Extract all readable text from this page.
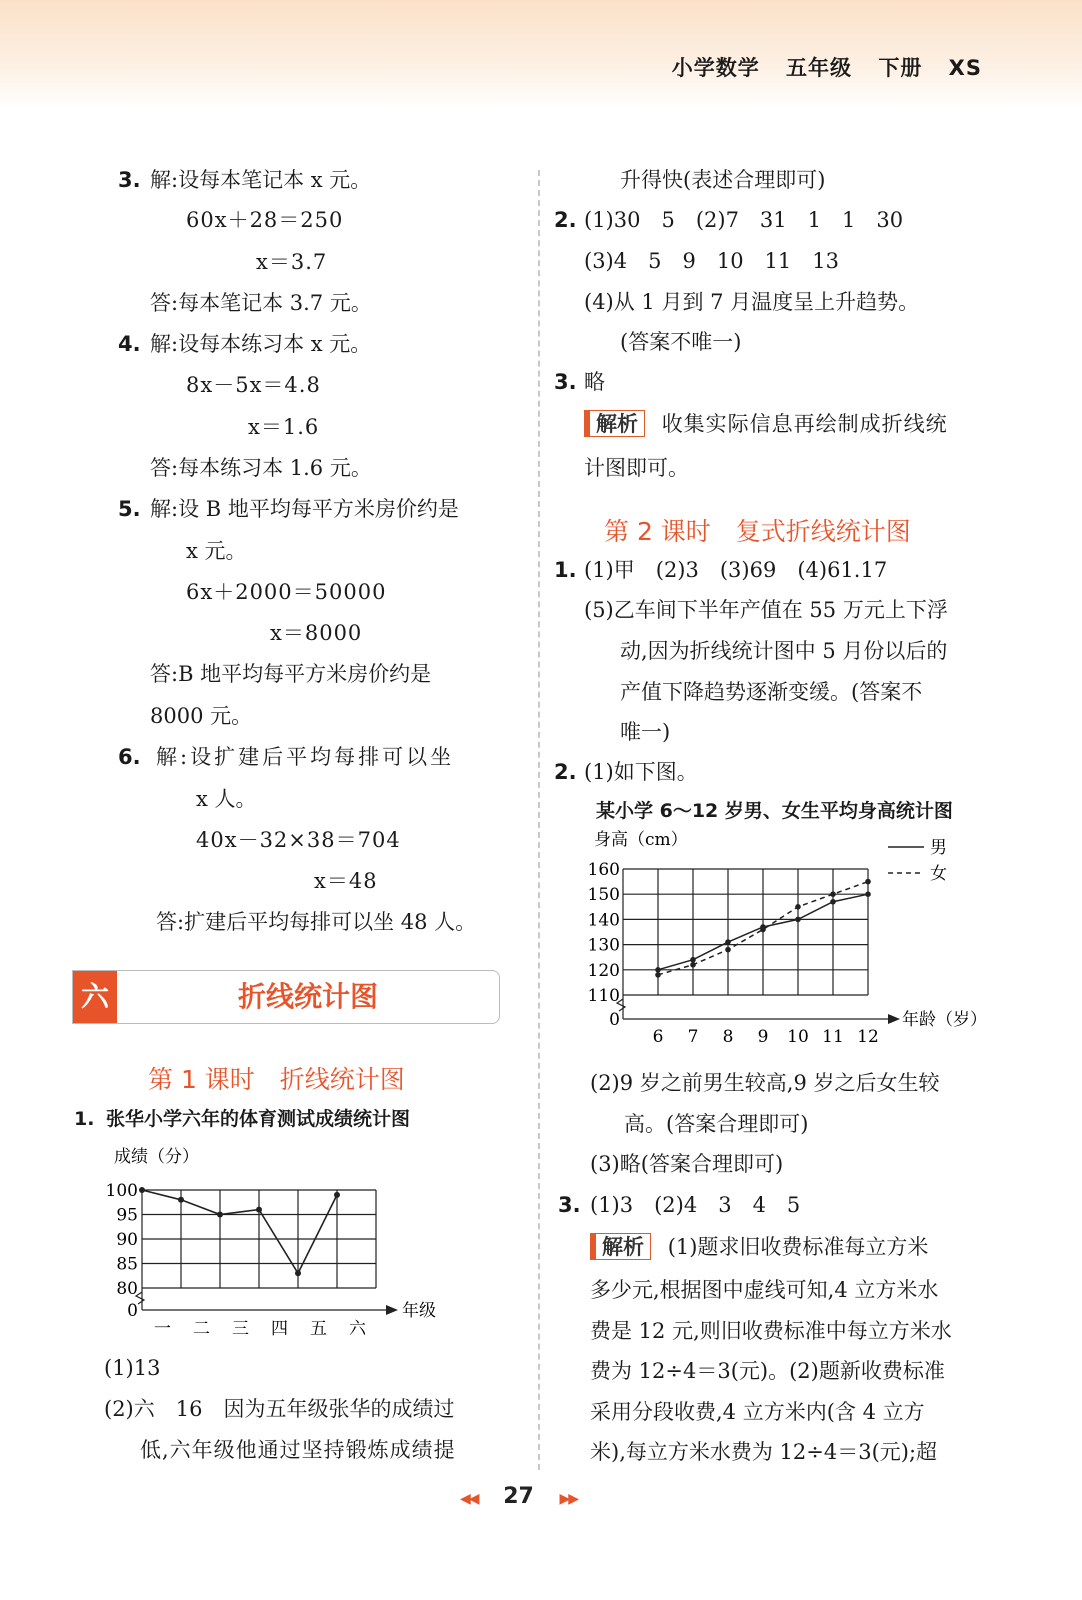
小学数学 五年级 下册 XS
3. 解:设每本笔记本 x 元。
60x＋28＝250
x＝3.7
答:每本笔记本 3.7 元。
4. 解:设每本练习本 x 元。
8x－5x＝4.8
x＝1.6
答:每本练习本 1.6 元。
5. 解:设 B 地平均每平方米房价约是
x 元。
6x＋2000＝50000
x＝8000
答:B 地平均每平方米房价约是
8000 元。
6. 解:设扩建后平均每排可以坐
x 人。
40x－32×38＝704
x＝48
答:扩建后平均每排可以坐 48 人。
六	折线统计图
第 1 课时　折线统计图
1. 张华小学六年的体育测试成绩统计图
成绩（分）
年级
0
80
85
90
95
100
一 二 三 四 五 六
(1)13
(2)六　16　因为五年级张华的成绩过
低,六年级他通过坚持锻炼成绩提
升得快(表述合理即可)
2. (1)30　5　(2)7　31　1　1　30
(3)4　5　9　10　11　13
(4)从 1 月到 7 月温度呈上升趋势。
(答案不唯一)
3. 略
解析 收集实际信息再绘制成折线统
计图即可。
第 2 课时　复式折线统计图
1. (1)甲　(2)3　(3)69　(4)61.17
(5)乙车间下半年产值在 55 万元上下浮
动,因为折线统计图中 5 月份以后的
产值下降趋势逐渐变缓。(答案不
唯一)
2. (1)如下图。
某小学 6～12 岁男、女生平均身高统计图
身高（cm）
年龄（岁）
0
110
120
130
140
150
160
6 7 8 9 10 11 12
男
女
(2)9 岁之前男生较高,9 岁之后女生较
高。(答案合理即可)
(3)略(答案合理即可)
3. (1)3　(2)4　3　4　5
解析 (1)题求旧收费标准每立方米
多少元,根据图中虚线可知,4 立方米水
费是 12 元,则旧收费标准中每立方米水
费为 12÷4＝3(元)。(2)题新收费标准
采用分段收费,4 立方米内(含 4 立方
米),每立方米水费为 12÷4＝3(元);超
◀◀ 27 ▶▶
